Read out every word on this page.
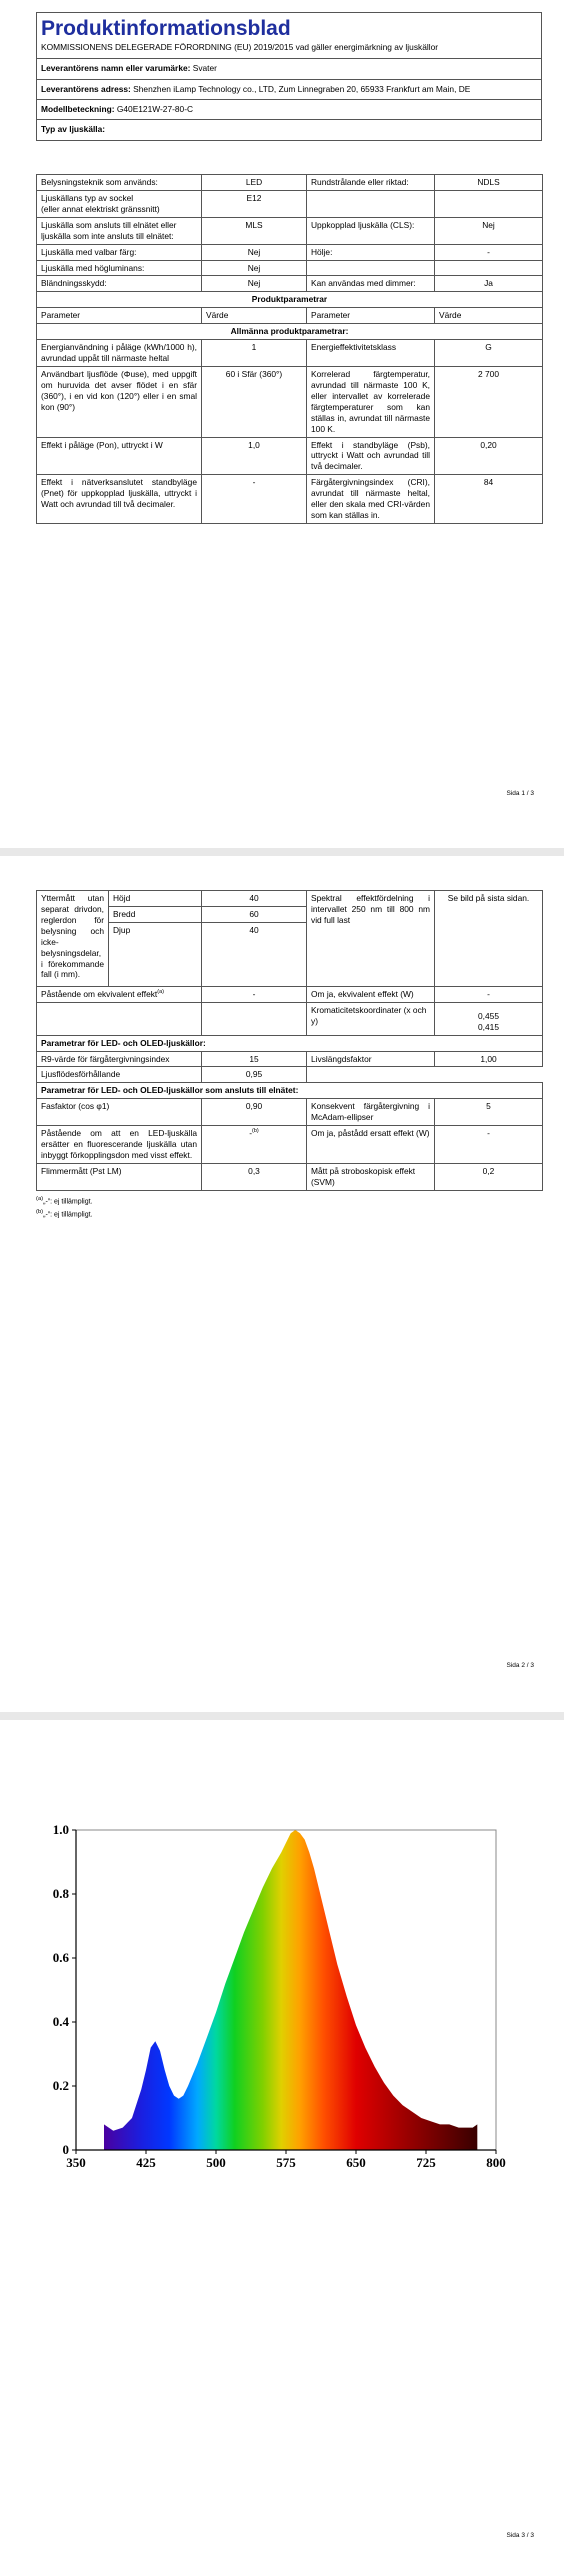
Produktinformationsblad
KOMMISSIONENS DELEGERADE FÖRORDNING (EU) 2019/2015 vad gäller energimärkning av ljuskällor
Leverantörens namn eller varumärke: Svater
Leverantörens adress: Shenzhen iLamp Technology co., LTD, Zum Linnegraben 20, 65933 Frankfurt am Main, DE
Modellbeteckning: G40E121W-27-80-C
Typ av ljuskälla:
Belysningsteknik som används:	LED	Rundstrålande eller riktad:	NDLS
Ljuskällans typ av sockel
(eller annat elektriskt gränssnitt)	E12		
Ljuskälla som ansluts till elnätet eller ljuskälla som inte ansluts till elnätet:	MLS	Uppkopplad ljuskälla (CLS):	Nej
Ljuskälla med valbar färg:	Nej	Hölje:	-
Ljuskälla med högluminans:	Nej		
Bländningsskydd:	Nej	Kan användas med dimmer:	Ja
Produktparametrar			
Parameter	Värde	Parameter	Värde
Allmänna produktparametrar:			
Energianvändning i påläge (kWh/1000 h), avrundad uppåt till närmaste heltal	1	Energieffektivitetsklass	G
Användbart ljusflöde (Φuse), med uppgift om huruvida det avser flödet i en sfär (360°), i en vid kon (120°) eller i en smal kon (90°)	60 i Sfär (360°)	Korrelerad färgtemperatur, avrundad till närmaste 100 K, eller intervallet av korrelerade färgtemperaturer som kan ställas in, avrundat till närmaste 100 K.	2 700
Effekt i påläge (Pon), uttryckt i W	1,0	Effekt i standbyläge (Psb), uttryckt i Watt och avrundad till två decimaler.	0,20
Effekt i nätverksanslutet standbyläge (Pnet) för uppkopplad ljuskälla, uttryckt i Watt och avrundad till två decimaler.	-	Färgåtergivningsindex (CRI), avrundat till närmaste heltal, eller den skala med CRI-värden som kan ställas in.	84
Sida 1 / 3
Yttermått utan separat drivdon, reglerdon för belysning och icke-belysningsdelar, i förekommande fall (i mm).	Höjd	40	Spektral effektfördelning i intervallet 250 nm till 800 nm vid full last	Se bild på sista sidan.
	Bredd	60		
	Djup	40		
Påstående om ekvivalent effekt$^{(a)}$		-	Om ja, ekvivalent effekt (W)	-
			Kromaticitetskoordinater (x och y)	0,455
0,415

Parametrar för LED- och OLED-ljuskällor:				
R9-värde för färgåtergivningsindex		15	Livslängdsfaktor	1,00
Ljusflödesförhållande		0,95		
Parametrar för LED- och OLED-ljuskällor som ansluts till elnätet:				
Fasfaktor (cos φ1)		0,90	Konsekvent färgåtergivning i McAdam-ellipser	5
Påstående om att en LED-ljuskälla ersätter en fluorescerande ljuskälla utan inbyggt förkopplingsdon med visst effekt.		-$^{(b)}$	Om ja, påstådd ersatt effekt (W)	-
Flimmermått (Pst LM)		0,3	Mått på stroboskopisk effekt (SVM)	0,2
$^{(a)}$„-”: ej tillämpligt.
$^{(b)}$„-”: ej tillämpligt.
Sida 2 / 3
350	425	500	575	650	725	800
0
0.2
0.4
0.6
0.8
1.0
Sida 3 / 3
